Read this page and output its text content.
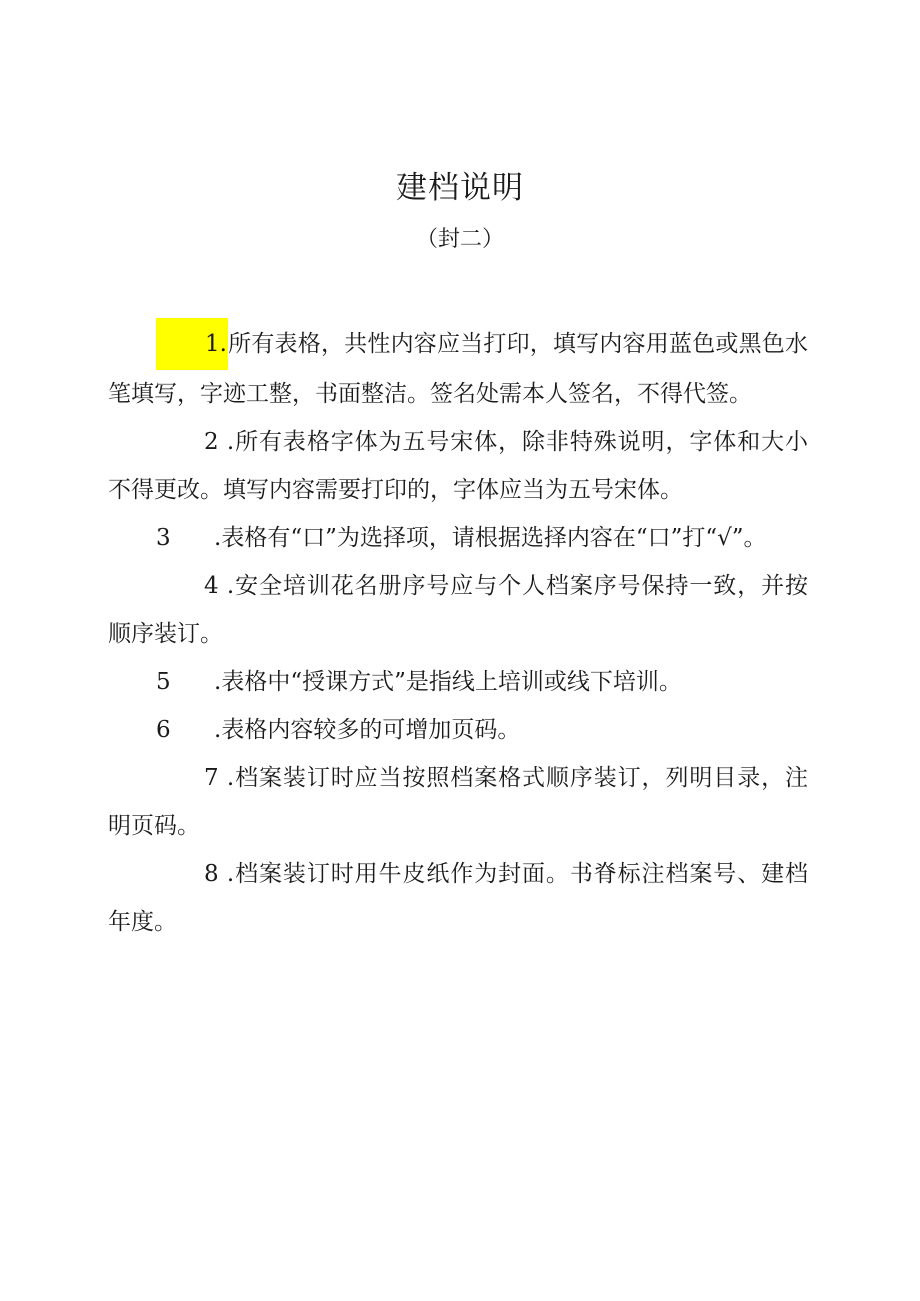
建档说明
（封二）

1.所有表格，共性内容应当打印，填写内容用蓝色或黑色水笔填写，字迹工整，书面整洁。签名处需本人签名，不得代签。

2 .所有表格字体为五号宋体，除非特殊说明，字体和大小不得更改。填写内容需要打印的，字体应当为五号宋体。

3 .表格有“口”为选择项，请根据选择内容在“口”打“√”。

4 .安全培训花名册序号应与个人档案序号保持一致，并按顺序装订。

5 .表格中“授课方式”是指线上培训或线下培训。

6 .表格内容较多的可增加页码。

7 .档案装订时应当按照档案格式顺序装订，列明目录，注明页码。

8 .档案装订时用牛皮纸作为封面。书脊标注档案号、建档年度。
